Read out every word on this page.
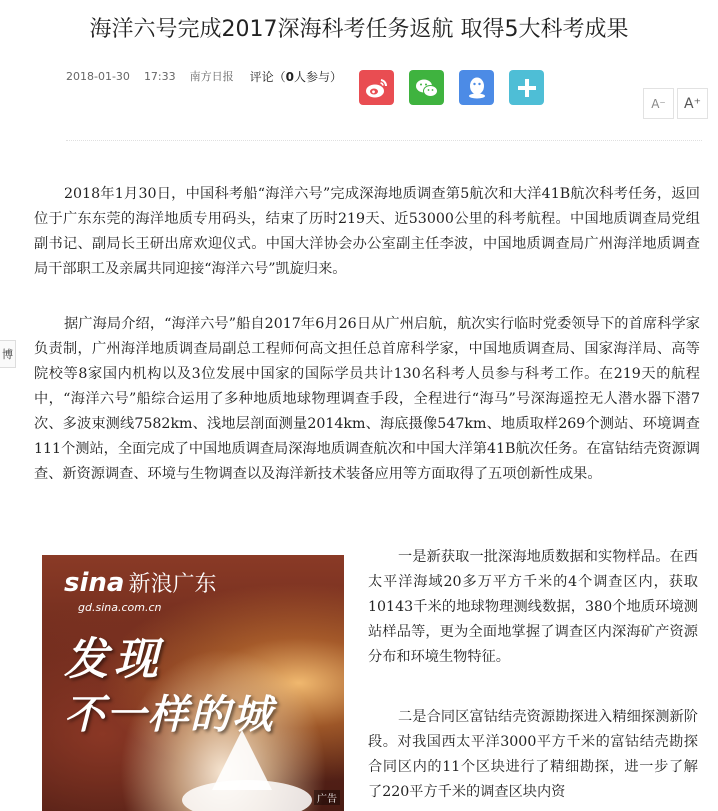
海洋六号完成2017深海科考任务返航 取得5大科考成果
2018-01-30 17:33 南方日报 评论（0人参与）
A⁻	A⁺
博

2018年1月30日，中国科考船“海洋六号”完成深海地质调查第5航次和大洋41B航次科考任务，返回位于广东东莞的海洋地质专用码头，结束了历时219天、近53000公里的科考航程。中国地质调查局党组副书记、副局长王研出席欢迎仪式。中国大洋协会办公室副主任李波，中国地质调查局广州海洋地质调查局干部职工及亲属共同迎接“海洋六号”凯旋归来。

据广海局介绍，“海洋六号”船自2017年6月26日从广州启航，航次实行临时党委领导下的首席科学家负责制，广州海洋地质调查局副总工程师何高文担任总首席科学家，中国地质调查局、国家海洋局、高等院校等8家国内机构以及3位发展中国家的国际学员共计130名科考人员参与科考工作。在219天的航程中，“海洋六号”船综合运用了多种地质地球物理调查手段，全程进行“海马”号深海遥控无人潜水器下潜7次、多波束测线7582km、浅地层剖面测量2014km、海底摄像547km、地质取样269个测站、环境调查111个测站，全面完成了中国地质调查局深海地质调查航次和中国大洋第41B航次任务。在富钴结壳资源调查、新资源调查、环境与生物调查以及海洋新技术装备应用等方面取得了五项创新性成果。

sina 新浪广东
gd.sina.com.cn
发现
不一样的城
广告

一是新获取一批深海地质数据和实物样品。在西太平洋海域20多万平方千米的4个调查区内，获取10143千米的地球物理测线数据，380个地质环境测站样品等，更为全面地掌握了调查区内深海矿产资源分布和环境生物特征。

二是合同区富钴结壳资源勘探进入精细探测新阶段。对我国西太平洋3000平方千米的富钴结壳勘探合同区内的11个区块进行了精细勘探，进一步了解了220平方千米的调查区块内资
